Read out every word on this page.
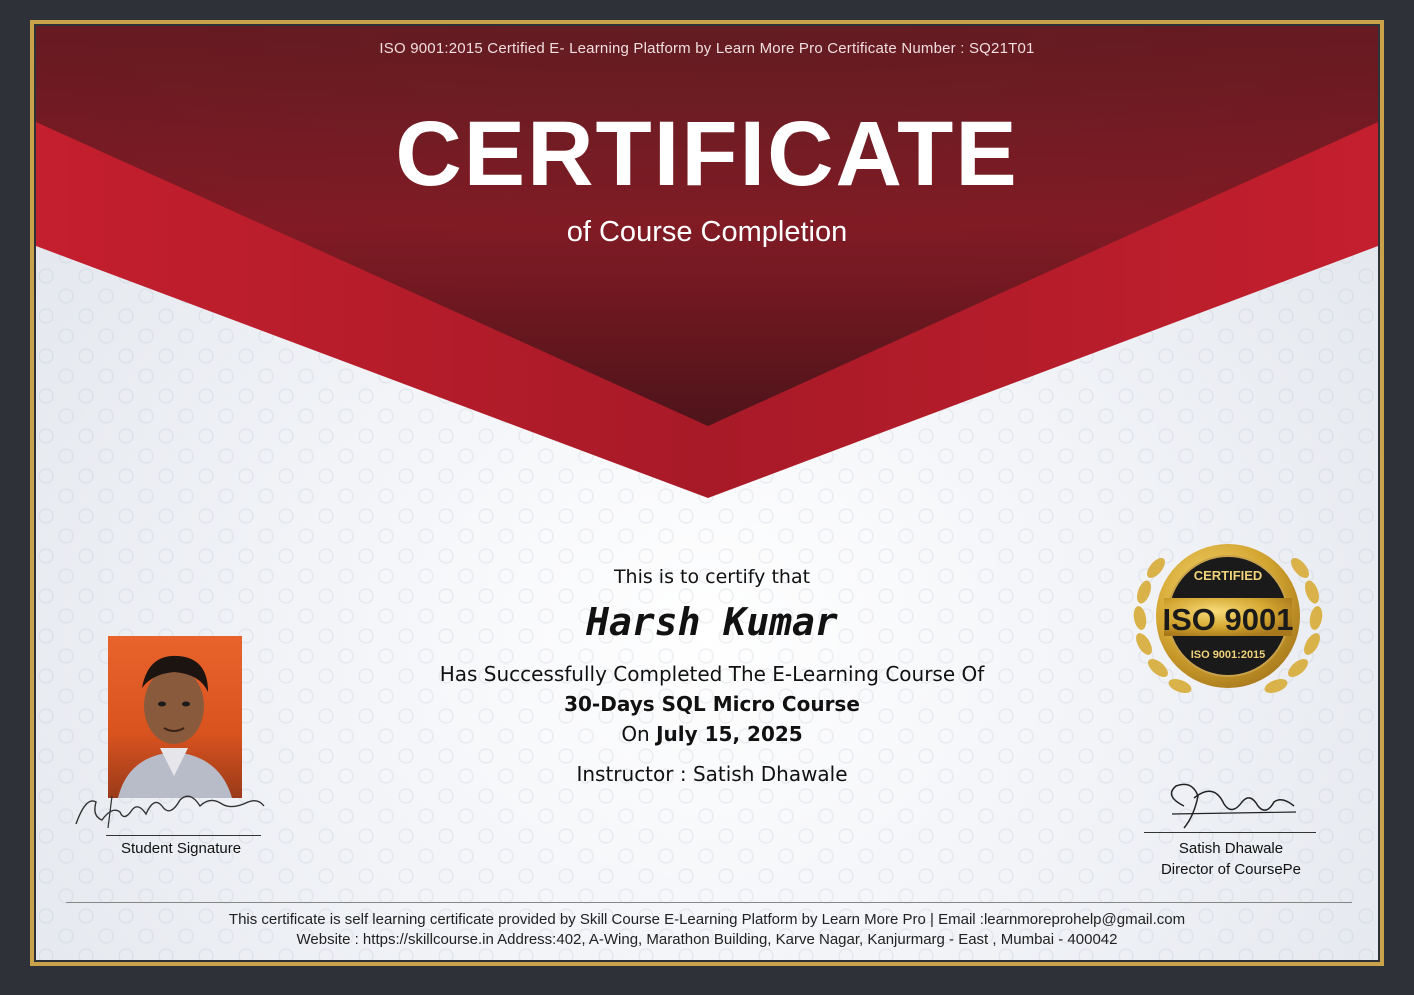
ISO 9001:2015 Certified E- Learning Platform by Learn More Pro Certificate Number : SQ21T01
CERTIFICATE
of Course Completion
This is to certify that
Harsh Kumar
Has Successfully Completed The E-Learning Course Of
30-Days SQL Micro Course
On July 15, 2025
Instructor : Satish Dhawale
Student Signature
CERTIFIED
ISO 9001
ISO 9001:2015
Satish Dhawale
Director of CoursePe
This certificate is self learning certificate provided by Skill Course E-Learning Platform by Learn More Pro | Email :learnmoreprohelp@gmail.com
Website : https://skillcourse.in Address:402, A-Wing, Marathon Building, Karve Nagar, Kanjurmarg - East , Mumbai - 400042
